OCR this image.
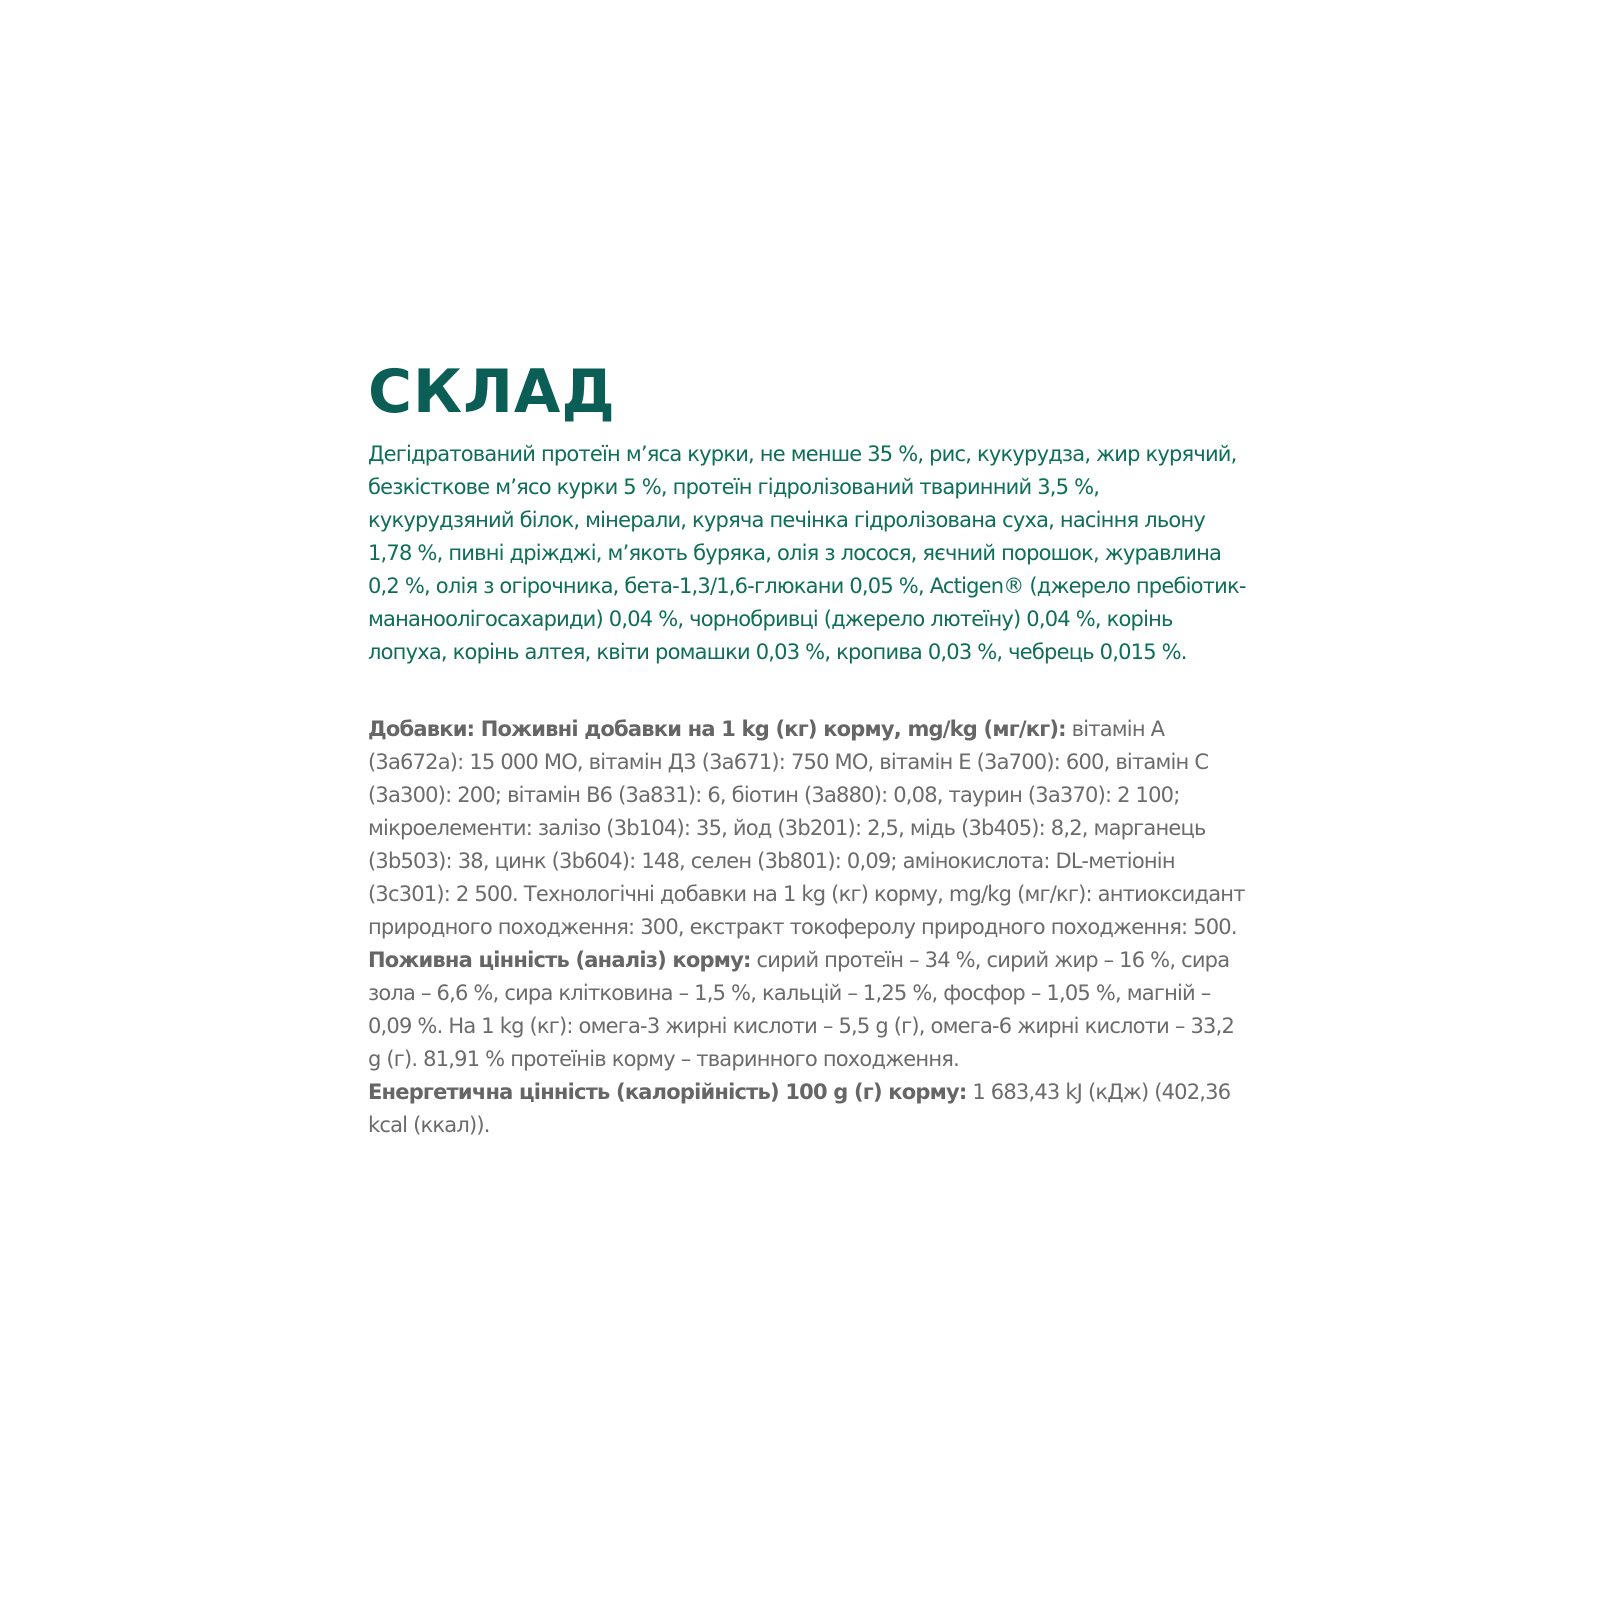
СКЛАД

Дегідратований протеїн м’яса курки, не менше 35 %, рис, кукурудза, жир курячий, безкісткове м’ясо курки 5 %, протеїн гідролізований тваринний 3,5 %, кукурудзяний білок, мінерали, куряча печінка гідролізована суха, насіння льону 1,78 %, пивні дріжджі, м’якоть буряка, олія з лосося, яєчний порошок, журавлина 0,2 %, олія з огірочника, бета-1,3/1,6-глюкани 0,05 %, Actigen® (джерело пребіотик-мананоолігосахариди) 0,04 %, чорнобривці (джерело лютеїну) 0,04 %, корінь лопуха, корінь алтея, квіти ромашки 0,03 %, кропива 0,03 %, чебрець 0,015 %.

Добавки: Поживні добавки на 1 kg (кг) корму, mg/kg (мг/кг): вітамін A (3a672a): 15 000 МО, вітамін Д3 (3a671): 750 МО, вітамін E (3a700): 600, вітамін C (3a300): 200; вітамін B6 (3a831): 6, біотин (3a880): 0,08, таурин (3a370): 2 100; мікроелементи: залізо (3b104): 35, йод (3b201): 2,5, мідь (3b405): 8,2, марганець (3b503): 38, цинк (3b604): 148, селен (3b801): 0,09; амінокислота: DL-метіонін (3c301): 2 500. Технологічні добавки на 1 kg (кг) корму, mg/kg (мг/кг): антиоксидант природного походження: 300, екстракт токоферолу природного походження: 500.

Поживна цінність (аналіз) корму: сирий протеїн – 34 %, сирий жир – 16 %, сира зола – 6,6 %, сира клітковина – 1,5 %, кальцій – 1,25 %, фосфор – 1,05 %, магній – 0,09 %. На 1 kg (кг): омега-3 жирні кислоти – 5,5 g (г), омега-6 жирні кислоти – 33,2 g (г). 81,91 % протеїнів корму – тваринного походження.

Енергетична цінність (калорійність) 100 g (г) корму: 1 683,43 kJ (кДж) (402,36 kcal (ккал)).
